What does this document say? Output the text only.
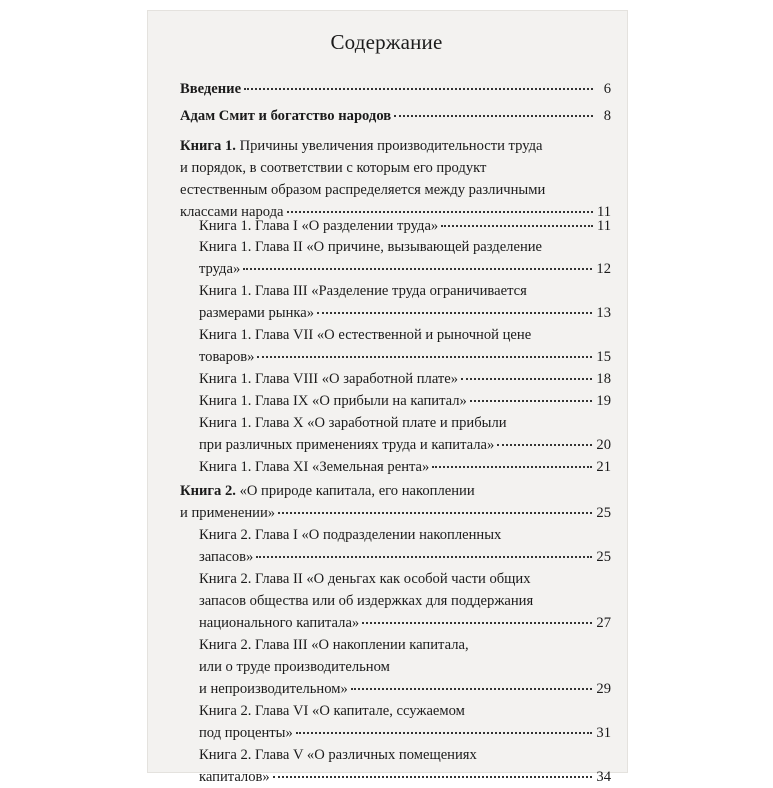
Содержание
Введение	6
Адам Смит и богатство народов	8
Книга 1. Причины увеличения производительности труда
и порядок, в соответствии с которым его продукт
естественным образом распределяется между различными
классами народа	11
Книга 1. Глава I «О разделении труда»	11
Книга 1. Глава II «О причине, вызывающей разделение
труда»	12
Книга 1. Глава III «Разделение труда ограничивается
размерами рынка»	13
Книга 1. Глава VII «О естественной и рыночной цене
товаров»	15
Книга 1. Глава VIII «О заработной плате»	18
Книга 1. Глава IX «О прибыли на капитал»	19
Книга 1. Глава X «О заработной плате и прибыли
при различных применениях труда и капитала»	20
Книга 1. Глава XI «Земельная рента»	21
Книга 2. «О природе капитала, его накоплении
и применении»	25
Книга 2. Глава I «О подразделении накопленных
запасов»	25
Книга 2. Глава II «О деньгах как особой части общих
запасов общества или об издержках для поддержания
национального капитала»	27
Книга 2. Глава III «О накоплении капитала,
или о труде производительном
и непроизводительном»	29
Книга 2. Глава VI «О капитале, ссужаемом
под проценты»	31
Книга 2. Глава V «О различных помещениях
капиталов»	34
